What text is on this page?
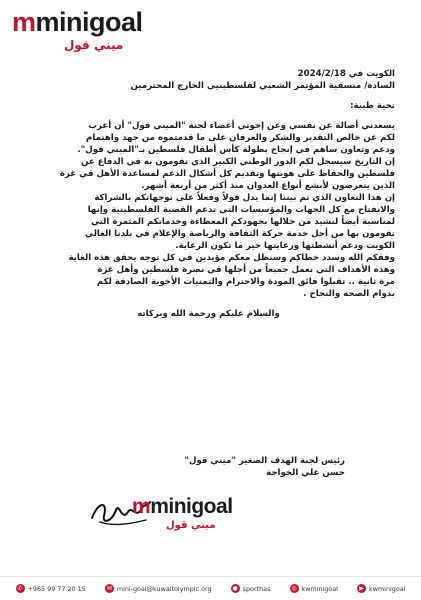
mminigoal
ميني قول
الكويت في 2024/2/18
السادة/ منسقية المؤتمر الشعبي لفلسطينيي الخارج المحترمين
تحية طيبة:
يسعدني أصالة عن نفسي وعن إخوتي أعضاء لجنة "الميني قول" أن أعرب
لكم عن خالص التقدير والشكر والعرفان على ما قدمتموه من جهد واهتمام
ودعم وتعاون ساهم في إنجاح بطولة كأس أطفال فلسطين بـ"الميني قول".
إن التاريخ سيسجل لكم الدور الوطني الكبير الذي تقومون به في الدفاع عن
فلسطين والحفاظ على هويتها وتقديم كل أشكال الدعم لمساعدة الأهل في غزة
الذين يتعرضون لأبشع أنواع العدوان منذ أكثر من أربعة أشهر.
إن هذا التعاون الذي تم بيننا إنما يدل قولاً وفعلاً على توجهاتكم بالشراكة
والانفتاح مع كل الجهات والمؤسسات التي تدعم القضية الفلسطينية وإنها
لمناسبة أيضاً لنشيد من خلالها بجهودكم المعطاءة وخدماتكم المثمرة التي
تقومون بها من أجل خدمة حركة الثقافة والرياضة والإعلام في بلدنا الغالي
الكويت ودعم أنشطتها ورعايتها خير ما تكون الرعاية.
وفقكم الله وسدد خطاكم وسنظل معكم مؤيدين في كل توجه يحقق هذه الغاية
وهذه الأهداف التي نعمل جميعاً من أجلها في نصرة فلسطين وأهل غزة
مرة ثانية .. تقبلوا فائق المودة والاحترام والتمنيات الأخوية الصادقة لكم
بدوام الصحة والنجاح .
والسلام عليكم ورحمة الله وبركاته
رئيس لجنة الهدف الصغير "ميني قول"
حسن علي الخواجة
mminigoal
ميني قول
✆ +965 99 77 20 15	✉ mini-goal@kuwaitolympic.org	● sporthas	◎ kwminigoal	▶ kwminigoal
